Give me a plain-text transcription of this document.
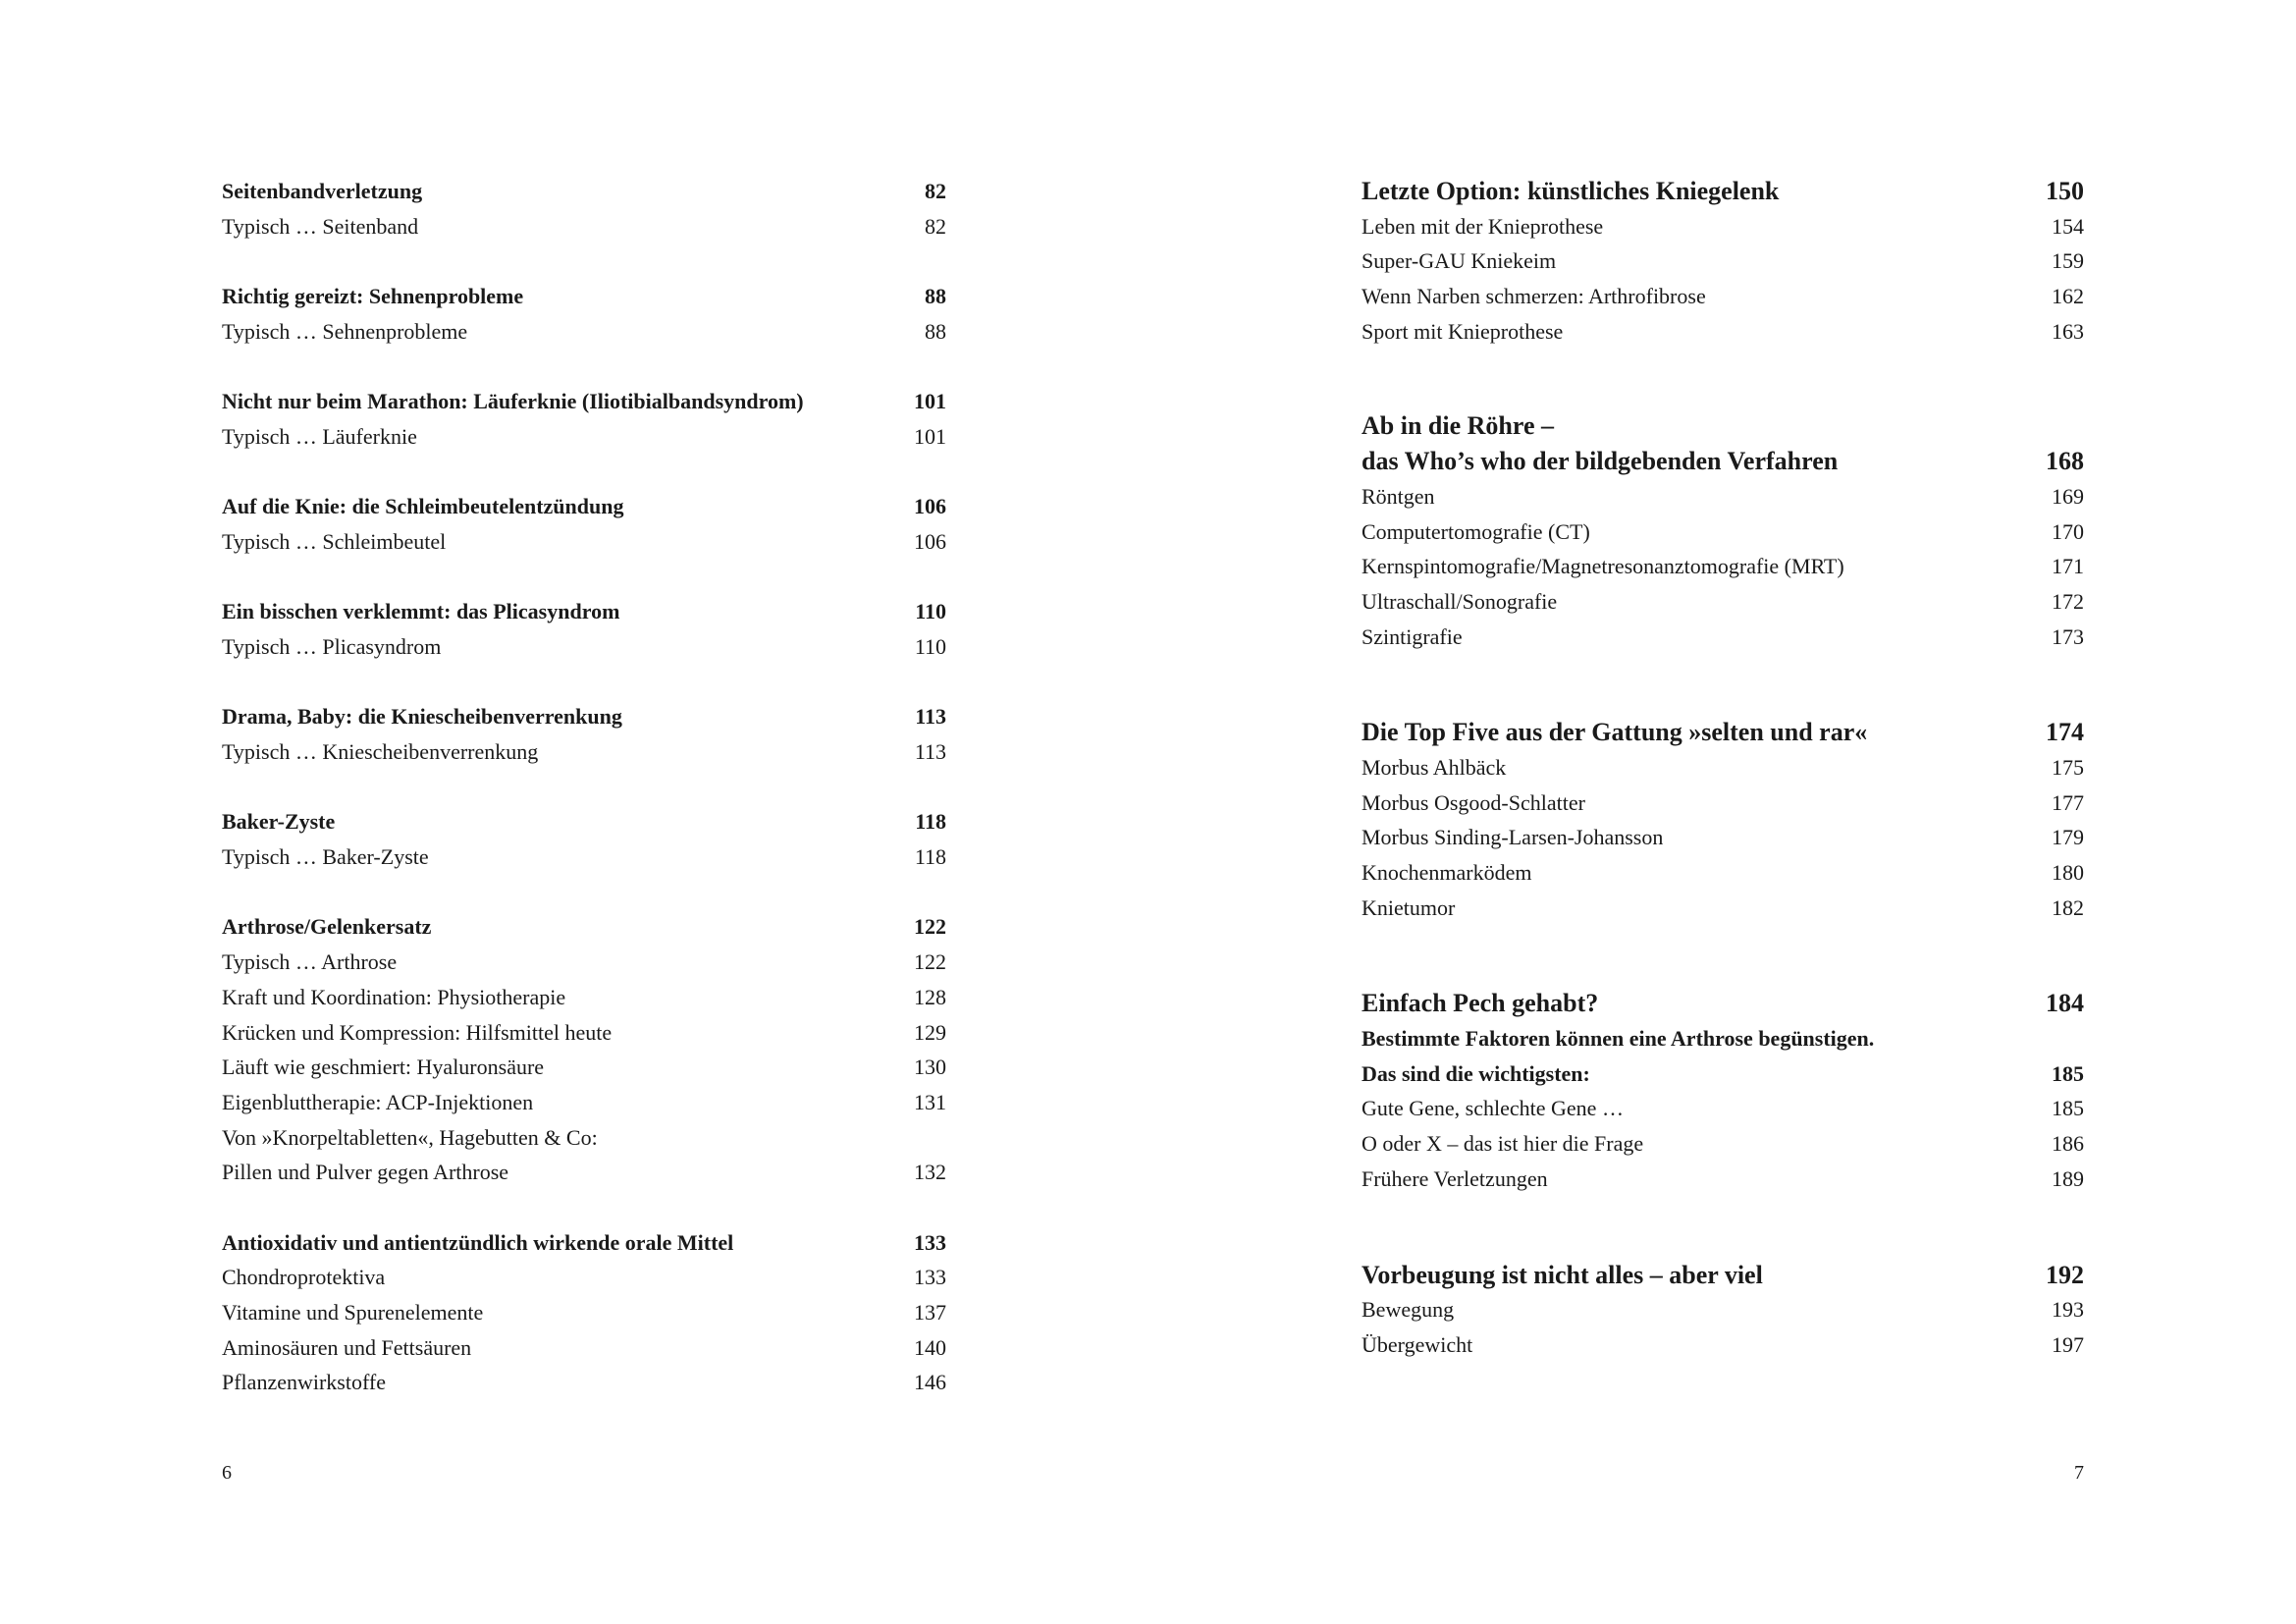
Seitenbandverletzung	82
Typisch … Seitenband	82
Richtig gereizt: Sehnenprobleme	88
Typisch … Sehnenprobleme	88
Nicht nur beim Marathon: Läuferknie (Iliotibialbandsyndrom)	101
Typisch … Läuferknie	101
Auf die Knie: die Schleimbeutelentzündung	106
Typisch … Schleimbeutel	106
Ein bisschen verklemmt: das Plicasyndrom	110
Typisch … Plicasyndrom	110
Drama, Baby: die Kniescheibenverrenkung	113
Typisch … Kniescheibenverrenkung	113
Baker-Zyste	118
Typisch … Baker-Zyste	118
Arthrose/Gelenkersatz	122
Typisch … Arthrose	122
Kraft und Koordination: Physiotherapie	128
Krücken und Kompression: Hilfsmittel heute	129
Läuft wie geschmiert: Hyaluronsäure	130
Eigenbluttherapie: ACP-Injektionen	131
Von »Knorpeltabletten«, Hagebutten & Co:
Pillen und Pulver gegen Arthrose	132
Antioxidativ und antientzündlich wirkende orale Mittel	133
Chondroprotektiva	133
Vitamine und Spurenelemente	137
Aminosäuren und Fettsäuren	140
Pflanzenwirkstoffe	146
6
Letzte Option: künstliches Kniegelenk	150
Leben mit der Knieprothese	154
Super-GAU Kniekeim	159
Wenn Narben schmerzen: Arthrofibrose	162
Sport mit Knieprothese	163
Ab in die Röhre –
das Who’s who der bildgebenden Verfahren	168
Röntgen	169
Computertomografie (CT)	170
Kernspintomografie/Magnetresonanztomografie (MRT)	171
Ultraschall/Sonografie	172
Szintigrafie	173
Die Top Five aus der Gattung »selten und rar«	174
Morbus Ahlbäck	175
Morbus Osgood-Schlatter	177
Morbus Sinding-Larsen-Johansson	179
Knochenmarködem	180
Knietumor	182
Einfach Pech gehabt?	184
Bestimmte Faktoren können eine Arthrose begünstigen.
Das sind die wichtigsten:	185
Gute Gene, schlechte Gene …	185
O oder X – das ist hier die Frage	186
Frühere Verletzungen	189
Vorbeugung ist nicht alles – aber viel	192
Bewegung	193
Übergewicht	197
7
